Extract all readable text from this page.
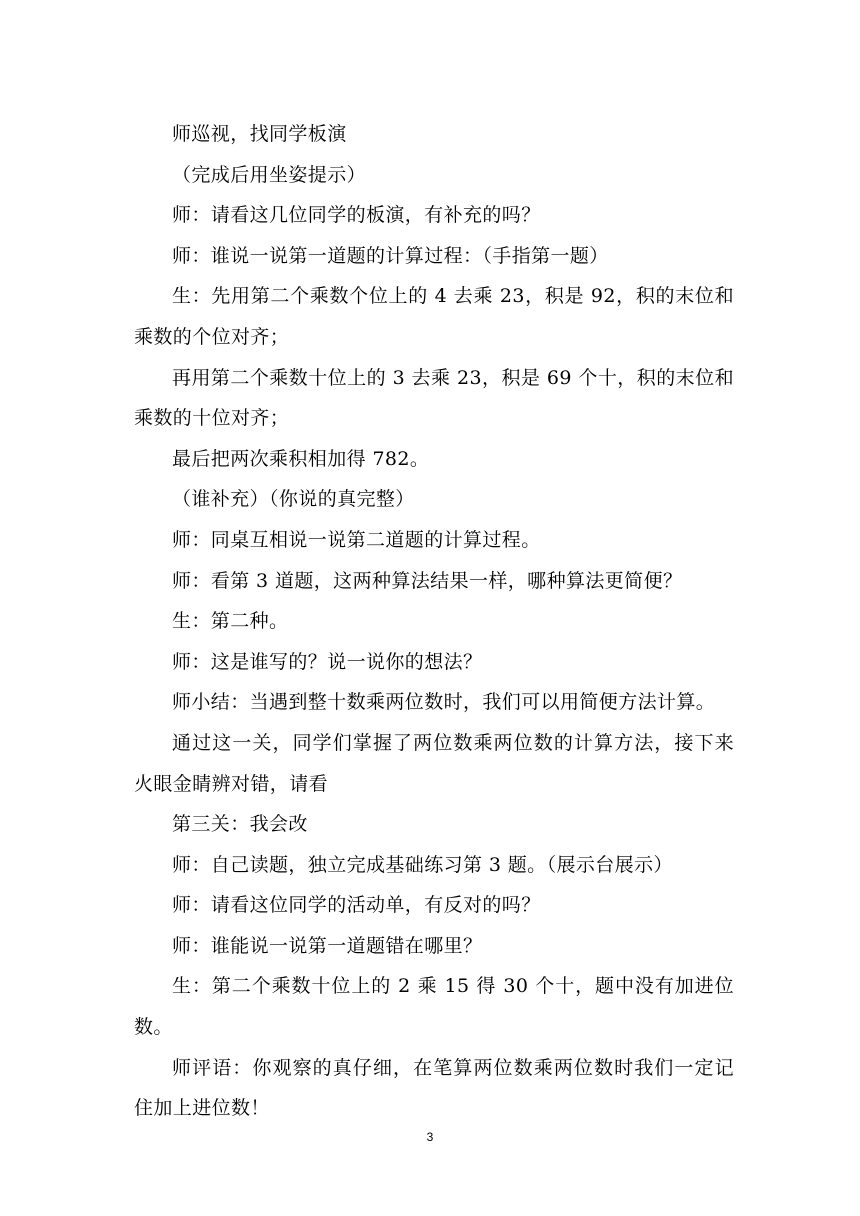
师巡视，找同学板演

（完成后用坐姿提示）

师：请看这几位同学的板演，有补充的吗？

师：谁说一说第一道题的计算过程：（手指第一题）

生：先用第二个乘数个位上的 4 去乘 23，积是 92，积的末位和乘数的个位对齐；

再用第二个乘数十位上的 3 去乘 23，积是 69 个十，积的末位和乘数的十位对齐；

最后把两次乘积相加得 782。

（谁补充）（你说的真完整）

师：同桌互相说一说第二道题的计算过程。

师：看第 3 道题，这两种算法结果一样，哪种算法更简便？

生：第二种。

师：这是谁写的？说一说你的想法？

师小结：当遇到整十数乘两位数时，我们可以用简便方法计算。

通过这一关，同学们掌握了两位数乘两位数的计算方法，接下来火眼金睛辨对错，请看

第三关：我会改

师：自己读题，独立完成基础练习第 3 题。（展示台展示）

师：请看这位同学的活动单，有反对的吗？

师：谁能说一说第一道题错在哪里？

生：第二个乘数十位上的 2 乘 15 得 30 个十，题中没有加进位数。

师评语：你观察的真仔细，在笔算两位数乘两位数时我们一定记住加上进位数！

3
